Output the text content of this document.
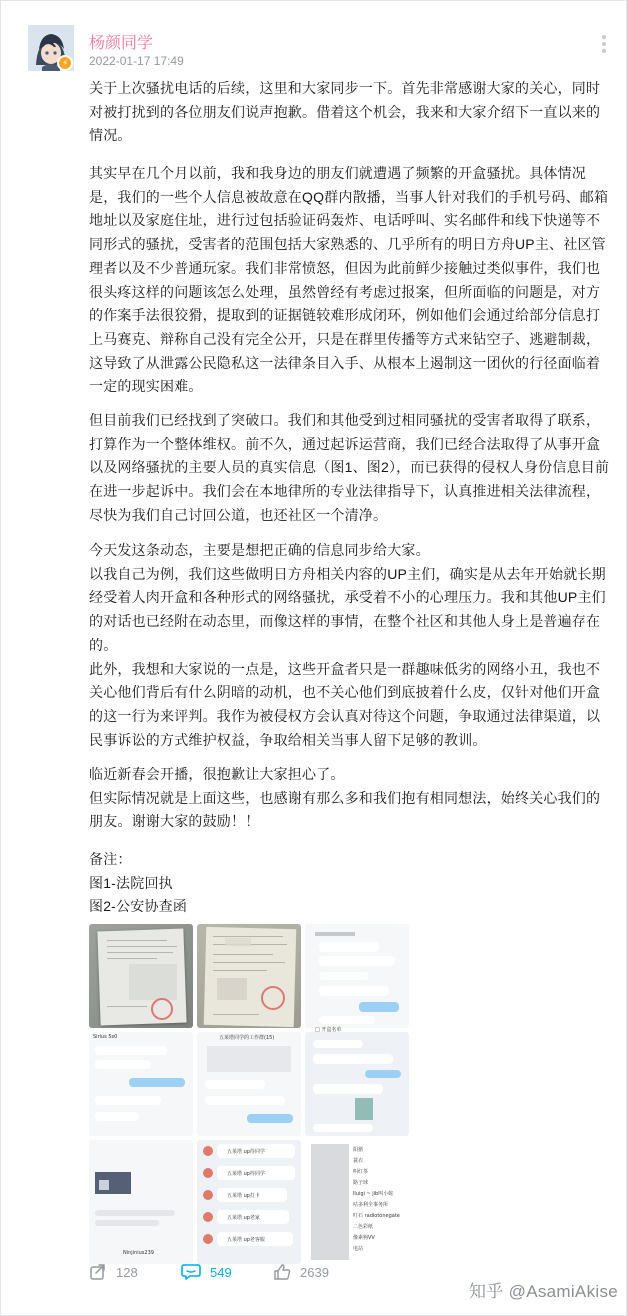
⚡
杨颜同学
2022-01-17 17:49
关于上次骚扰电话的后续，这里和大家同步一下。首先非常感谢大家的关心，同时对被打扰到的各位朋友们说声抱歉。借着这个机会，我来和大家介绍下一直以来的情况。
其实早在几个月以前，我和我身边的朋友们就遭遇了频繁的开盒骚扰。具体情况是，我们的一些个人信息被故意在QQ群内散播，当事人针对我们的手机号码、邮箱地址以及家庭住址，进行过包括验证码轰炸、电话呼叫、实名邮件和线下快递等不同形式的骚扰，受害者的范围包括大家熟悉的、几乎所有的明日方舟UP主、社区管理者以及不少普通玩家。我们非常愤怒，但因为此前鲜少接触过类似事件，我们也很头疼这样的问题该怎么处理，虽然曾经有考虑过报案，但所面临的问题是，对方的作案手法很狡猾，提取到的证据链较难形成闭环，例如他们会通过给部分信息打上马赛克、辩称自己没有完全公开，只是在群里传播等方式来钻空子、逃避制裁，这导致了从泄露公民隐私这一法律条目入手、从根本上遏制这一团伙的行径面临着一定的现实困难。
但目前我们已经找到了突破口。我们和其他受到过相同骚扰的受害者取得了联系，打算作为一个整体维权。前不久，通过起诉运营商，我们已经合法取得了从事开盒以及网络骚扰的主要人员的真实信息（图1、图2），而已获得的侵权人身份信息目前在进一步起诉中。我们会在本地律所的专业法律指导下，认真推进相关法律流程，尽快为我们自己讨回公道，也还社区一个清净。
今天发这条动态，主要是想把正确的信息同步给大家。
以我自己为例，我们这些做明日方舟相关内容的UP主们，确实是从去年开始就长期经受着人肉开盒和各种形式的网络骚扰，承受着不小的心理压力。我和其他UP主们的对话也已经附在动态里，而像这样的事情，在整个社区和其他人身上是普遍存在的。
此外，我想和大家说的一点是，这些开盒者只是一群趣味低劣的网络小丑，我也不关心他们背后有什么阴暗的动机，也不关心他们到底披着什么皮，仅针对他们开盒的这一行为来评判。我作为被侵权方会认真对待这个问题，争取通过法律渠道，以民事诉讼的方式维护权益，争取给相关当事人留下足够的教训。
临近新春会开播，很抱歉让大家担心了。
但实际情况就是上面这些，也感谢有那么多和我们抱有相同想法，始终关心我们的朋友。谢谢大家的鼓励！！
备注：
图1-法院回执
图2-公安协查函
Sirius 5s0	五莱塔同学的工作群(15)
Ninjinius239
五莱塔 up待同学
五莱塔 up待同学
五莱塔 up打卡
五莱塔 up老家
五莱塔 up老客服
□ 开盒名单
阳猪
蓑衣
叫红茶
路子球
lluigi ~ jib叫小蛇
咕多利全事务所
叮石 radiotonegate
二色彩纸
像素狗VV
电站
128	549	2639
知乎 @AsamiAkise
